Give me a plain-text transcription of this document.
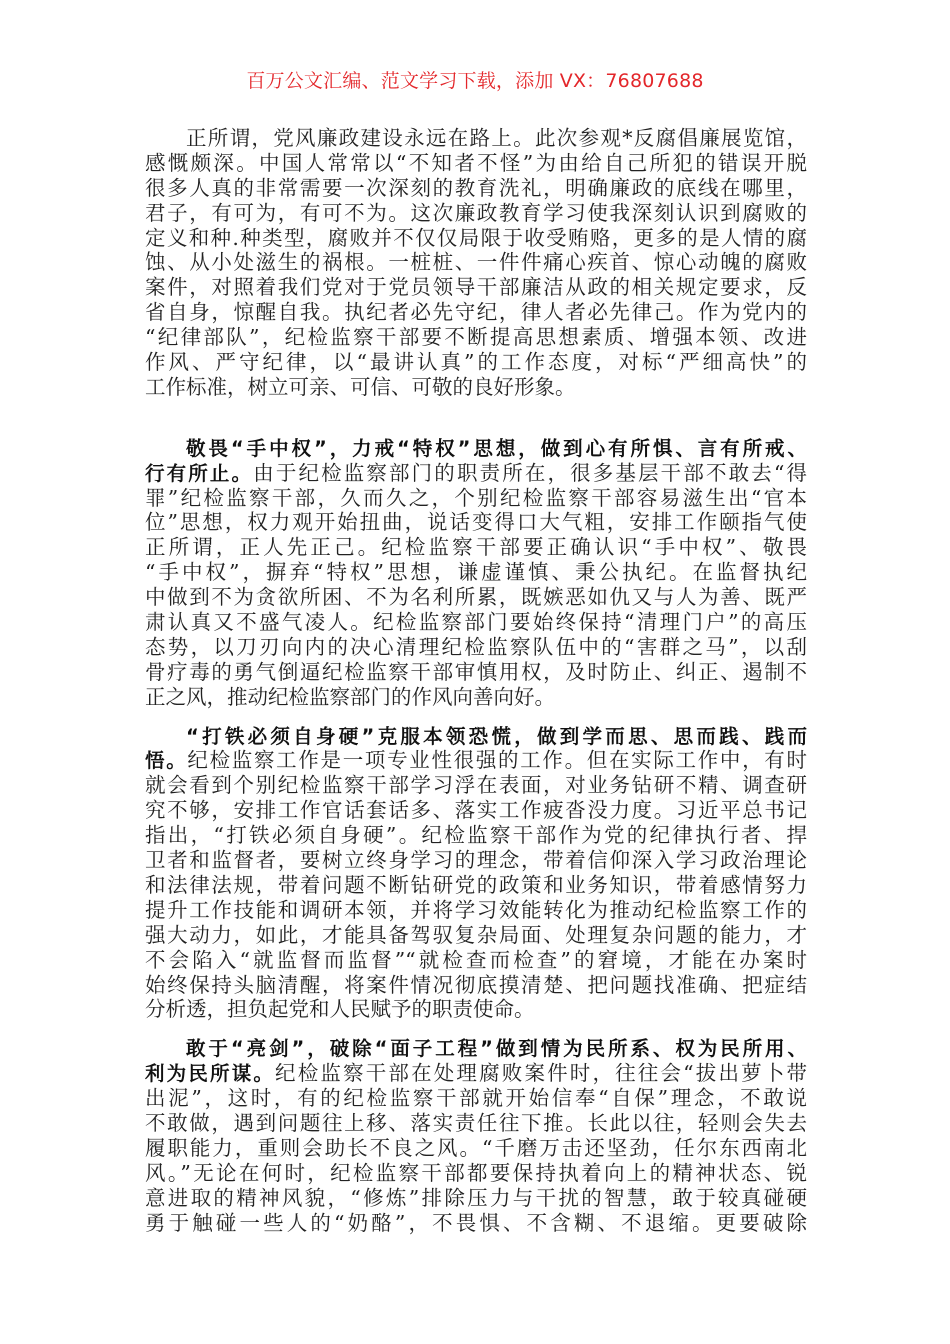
百万公文汇编、范文学习下载，添加 VX：76807688
正所谓，党风廉政建设永远在路上。此次参观*反腐倡廉展览馆，
感慨颇深。中国人常常以“不知者不怪”为由给自己所犯的错误开脱
很多人真的非常需要一次深刻的教育洗礼，明确廉政的底线在哪里，
君子，有可为，有可不为。这次廉政教育学习使我深刻认识到腐败的
定义和种.种类型，腐败并不仅仅局限于收受贿赂，更多的是人情的腐
蚀、从小处滋生的祸根。一桩桩、一件件痛心疾首、惊心动魄的腐败
案件，对照着我们党对于党员领导干部廉洁从政的相关规定要求，反
省自身，惊醒自我。执纪者必先守纪，律人者必先律己。作为党内的
“纪律部队”，纪检监察干部要不断提高思想素质、增强本领、改进
作风、严守纪律，以“最讲认真”的工作态度，对标“严细高快”的
工作标准，树立可亲、可信、可敬的良好形象。
敬畏“手中权”，力戒“特权”思想，做到心有所惧、言有所戒、
行有所止。由于纪检监察部门的职责所在，很多基层干部不敢去“得
罪”纪检监察干部，久而久之，个别纪检监察干部容易滋生出“官本
位”思想，权力观开始扭曲，说话变得口大气粗，安排工作颐指气使
正所谓，正人先正己。纪检监察干部要正确认识“手中权”、敬畏
“手中权”，摒弃“特权”思想，谦虚谨慎、秉公执纪。在监督执纪
中做到不为贪欲所困、不为名利所累，既嫉恶如仇又与人为善、既严
肃认真又不盛气凌人。纪检监察部门要始终保持“清理门户”的高压
态势，以刀刃向内的决心清理纪检监察队伍中的“害群之马”，以刮
骨疗毒的勇气倒逼纪检监察干部审慎用权，及时防止、纠正、遏制不
正之风，推动纪检监察部门的作风向善向好。
“打铁必须自身硬”克服本领恐慌，做到学而思、思而践、践而
悟。纪检监察工作是一项专业性很强的工作。但在实际工作中，有时
就会看到个别纪检监察干部学习浮在表面，对业务钻研不精、调查研
究不够，安排工作官话套话多、落实工作疲沓没力度。习近平总书记
指出，“打铁必须自身硬”。纪检监察干部作为党的纪律执行者、捍
卫者和监督者，要树立终身学习的理念，带着信仰深入学习政治理论
和法律法规，带着问题不断钻研党的政策和业务知识，带着感情努力
提升工作技能和调研本领，并将学习效能转化为推动纪检监察工作的
强大动力，如此，才能具备驾驭复杂局面、处理复杂问题的能力，才
不会陷入“就监督而监督”“就检查而检查”的窘境，才能在办案时
始终保持头脑清醒，将案件情况彻底摸清楚、把问题找准确、把症结
分析透，担负起党和人民赋予的职责使命。
敢于“亮剑”，破除“面子工程”做到情为民所系、权为民所用、
利为民所谋。纪检监察干部在处理腐败案件时，往往会“拔出萝卜带
出泥”，这时，有的纪检监察干部就开始信奉“自保”理念，不敢说
不敢做，遇到问题往上移、落实责任往下推。长此以往，轻则会失去
履职能力，重则会助长不良之风。“千磨万击还坚劲，任尔东西南北
风。”无论在何时，纪检监察干部都要保持执着向上的精神状态、锐
意进取的精神风貌，“修炼”排除压力与干扰的智慧，敢于较真碰硬
勇于触碰一些人的“奶酪”，不畏惧、不含糊、不退缩。更要破除
